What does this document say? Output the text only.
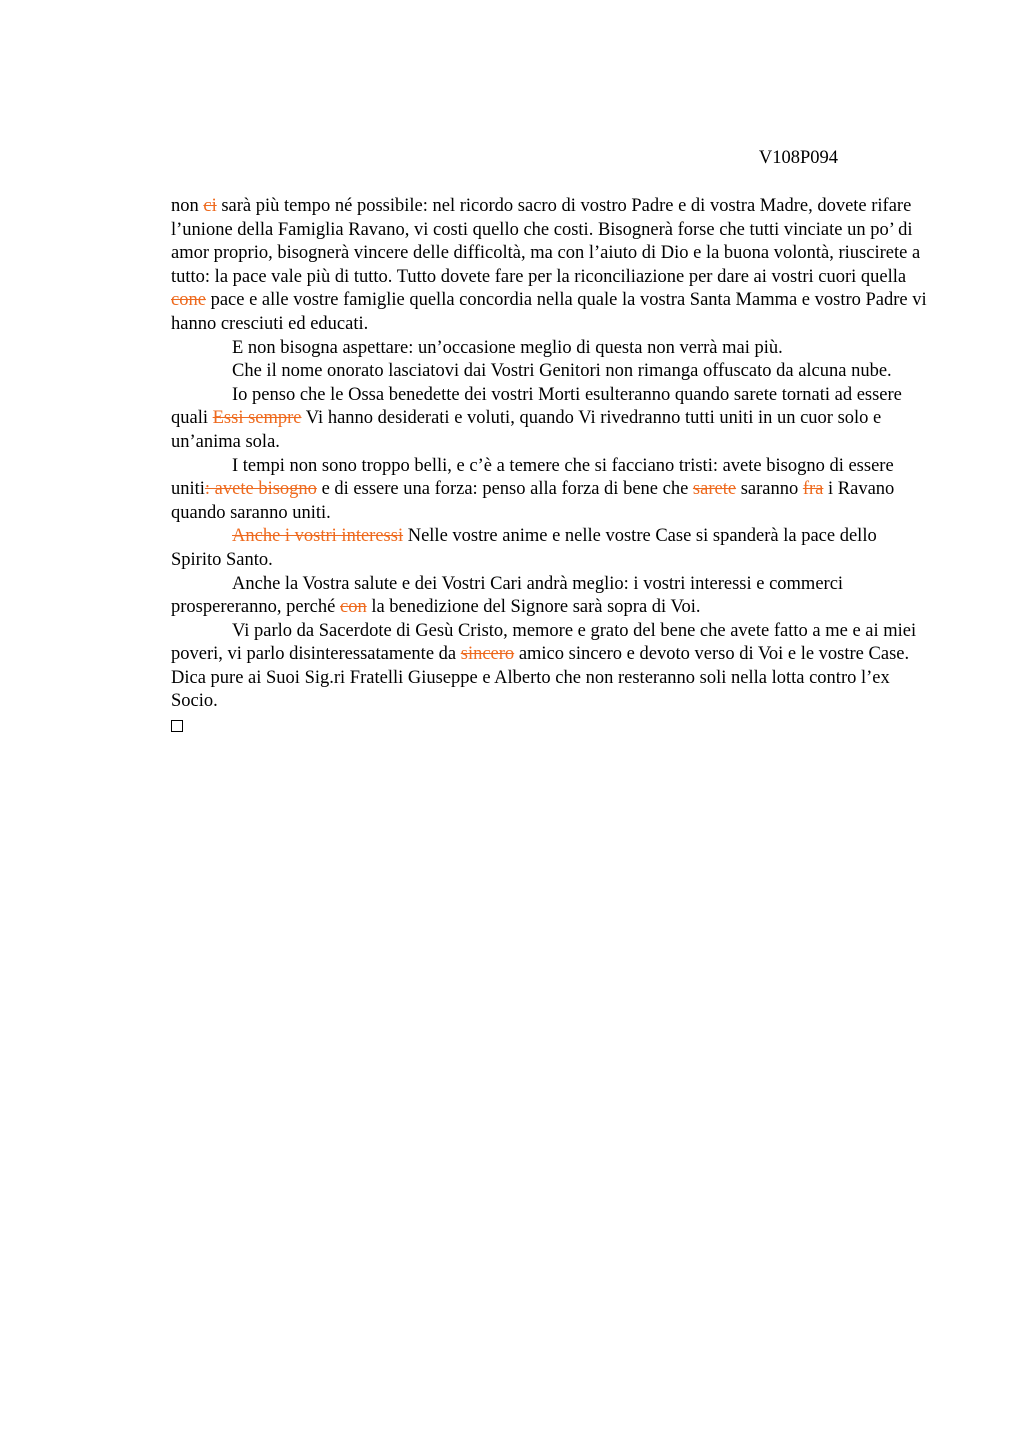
V108P094

non ci sarà più tempo né possibile: nel ricordo sacro di vostro Padre e di vostra Madre, dovete rifare l’unione della Famiglia Ravano, vi costi quello che costi. Bisognerà forse che tutti vinciate un po’ di amor proprio, bisognerà vincere delle difficoltà, ma con l’aiuto di Dio e la buona volontà, riuscirete a tutto: la pace vale più di tutto. Tutto dovete fare per la riconciliazione per dare ai vostri cuori quella cone pace e alle vostre famiglie quella concordia nella quale la vostra Santa Mamma e vostro Padre vi hanno cresciuti ed educati.

E non bisogna aspettare: un’occasione meglio di questa non verrà mai più.

Che il nome onorato lasciatovi dai Vostri Genitori non rimanga offuscato da alcuna nube.

Io penso che le Ossa benedette dei vostri Morti esulteranno quando sarete tornati ad essere quali Essi sempre Vi hanno desiderati e voluti, quando Vi rivedranno tutti uniti in un cuor solo e un’anima sola.

I tempi non sono troppo belli, e c’è a temere che si facciano tristi: avete bisogno di essere uniti: avete bisogno e di essere una forza: penso alla forza di bene che sarete saranno fra i Ravano quando saranno uniti.

Anche i vostri interessi Nelle vostre anime e nelle vostre Case si spanderà la pace dello Spirito Santo.

Anche la Vostra salute e dei Vostri Cari andrà meglio: i vostri interessi e commerci prospereranno, perché con la benedizione del Signore sarà sopra di Voi.

Vi parlo da Sacerdote di Gesù Cristo, memore e grato del bene che avete fatto a me e ai miei poveri, vi parlo disinteressatamente da sincero amico sincero e devoto verso di Voi e le vostre Case. Dica pure ai Suoi Sig.ri Fratelli Giuseppe e Alberto che non resteranno soli nella lotta contro l’ex Socio.
